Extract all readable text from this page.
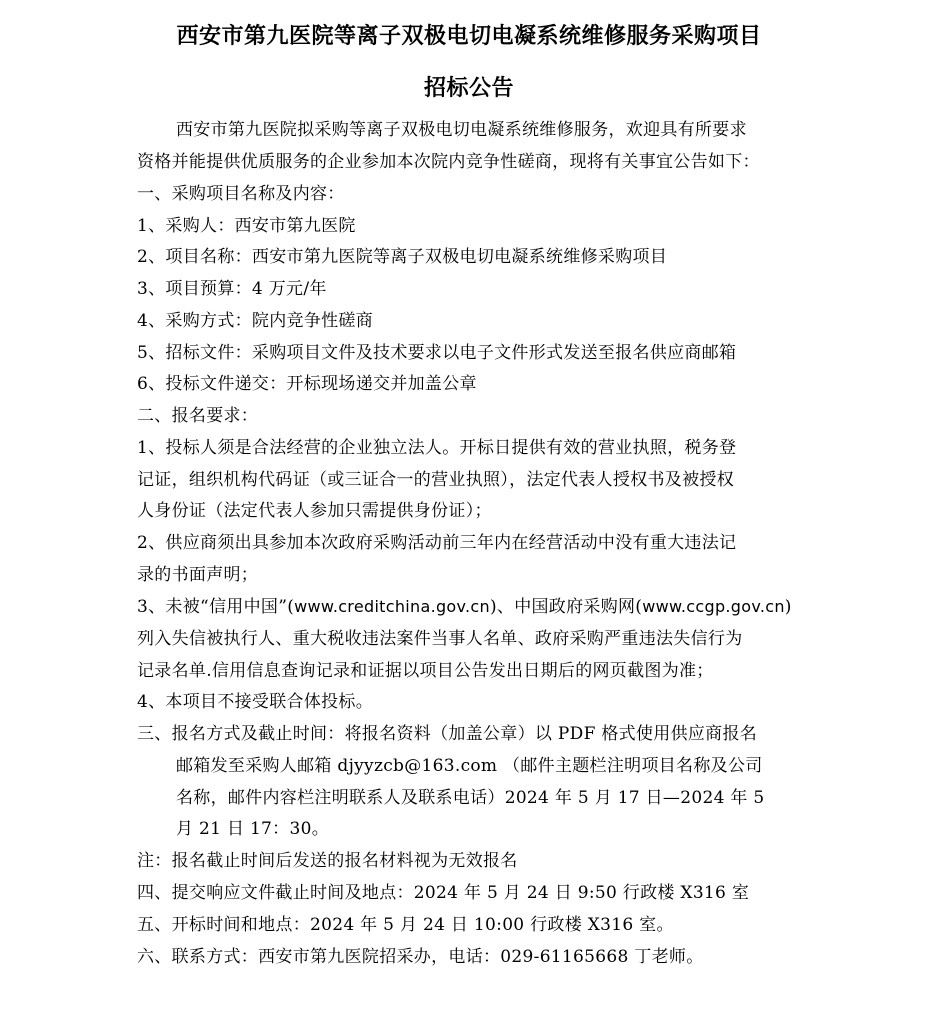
西安市第九医院等离子双极电切电凝系统维修服务采购项目
招标公告
西安市第九医院拟采购等离子双极电切电凝系统维修服务，欢迎具有所要求
资格并能提供优质服务的企业参加本次院内竞争性磋商，现将有关事宜公告如下：
一、采购项目名称及内容：
1、采购人：西安市第九医院
2、项目名称：西安市第九医院等离子双极电切电凝系统维修采购项目
3、项目预算：4 万元/年
4、采购方式：院内竞争性磋商
5、招标文件：采购项目文件及技术要求以电子文件形式发送至报名供应商邮箱
6、投标文件递交：开标现场递交并加盖公章
二、报名要求：
1、投标人须是合法经营的企业独立法人。开标日提供有效的营业执照，税务登
记证，组织机构代码证（或三证合一的营业执照），法定代表人授权书及被授权
人身份证（法定代表人参加只需提供身份证）；
2、供应商须出具参加本次政府采购活动前三年内在经营活动中没有重大违法记
录的书面声明；
3、未被“信用中国”(www.creditchina.gov.cn)、中国政府采购网(www.ccgp.gov.cn)
列入失信被执行人、重大税收违法案件当事人名单、政府采购严重违法失信行为
记录名单.信用信息查询记录和证据以项目公告发出日期后的网页截图为准；
4、本项目不接受联合体投标。
三、报名方式及截止时间：将报名资料（加盖公章）以 PDF 格式使用供应商报名
邮箱发至采购人邮箱 djyyzcb@163.com （邮件主题栏注明项目名称及公司
名称，邮件内容栏注明联系人及联系电话）2024 年 5 月 17 日—2024 年 5
月 21 日 17：30。
注：报名截止时间后发送的报名材料视为无效报名
四、提交响应文件截止时间及地点：2024 年 5 月 24 日 9:50 行政楼 X316 室
五、开标时间和地点：2024 年 5 月 24 日 10:00 行政楼 X316 室。
六、联系方式：西安市第九医院招采办，电话：029-61165668 丁老师。
